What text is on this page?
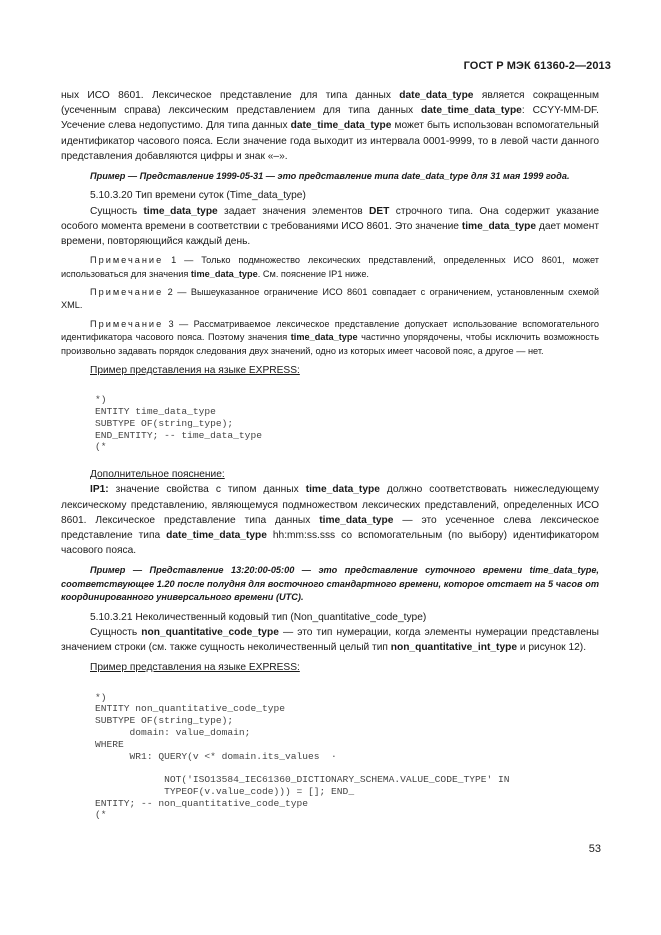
ГОСТ Р МЭК 61360-2—2013

ных ИСО 8601. Лексическое представление для типа данных date_data_type является сокращенным (усеченным справа) лексическим представлением для типа данных date_time_data_type: CCYY-MM-DF. Усечение слева недопустимо. Для типа данных date_time_data_type может быть использован вспомогательный идентификатор часового пояса. Если значение года выходит из интервала 0001-9999, то в левой части данного представления добавляются цифры и знак «–».

Пример — Представление 1999-05-31 — это представление типа date_data_type для 31 мая 1999 года.

5.10.3.20 Тип времени суток (Time_data_type)

Сущность time_data_type задает значения элементов DET строчного типа. Она содержит указание особого момента времени в соответствии с требованиями ИСО 8601. Это значение time_data_type дает момент времени, повторяющийся каждый день.

Примечание 1 — Только подмножество лексических представлений, определенных ИСО 8601, может использоваться для значения time_data_type. См. пояснение IP1 ниже.

Примечание 2 — Вышеуказанное ограничение ИСО 8601 совпадает с ограничением, установленным схемой XML.

Примечание 3 — Рассматриваемое лексическое представление допускает использование вспомогательного идентификатора часового пояса. Поэтому значения time_data_type частично упорядочены, чтобы исключить возможность произвольно задавать порядок следования двух значений, одно из которых имеет часовой пояс, а другое — нет.

Пример представления на языке EXPRESS:
*)
ENTITY time_data_type
SUBTYPE OF(string_type);
END_ENTITY; -- time_data_type
(*
Дополнительное пояснение:

IP1: значение свойства с типом данных time_data_type должно соответствовать нижеследующему лексическому представлению, являющемуся подмножеством лексических представлений, определенных ИСО 8601. Лексическое представление типа данных time_data_type — это усеченное слева лексическое представление типа date_time_data_type hh:mm:ss.sss со вспомогательным (по выбору) идентификатором часового пояса.

Пример — Представление 13:20:00-05:00 — это представление суточного времени time_data_type, соответствующее 1.20 после полудня для восточного стандартного времени, которое отстает на 5 часов от координированного универсального времени (UTC).

5.10.3.21 Неколичественный кодовый тип (Non_quantitative_code_type)

Сущность non_quantitative_code_type — это тип нумерации, когда элементы нумерации представлены значением строки (см. также сущность неколичественный целый тип non_quantitative_int_type и рисунок 12).

Пример представления на языке EXPRESS:
*)
ENTITY non_quantitative_code_type
SUBTYPE OF(string_type);
domain: value_domain;
WHERE
WR1: QUERY(v <* domain.its_values  ·

NOT('ISO13584_IEC61360_DICTIONARY_SCHEMA.VALUE_CODE_TYPE' IN
TYPEOF(v.value_code))) = []; END_
ENTITY; -- non_quantitative_code_type
(*
53
